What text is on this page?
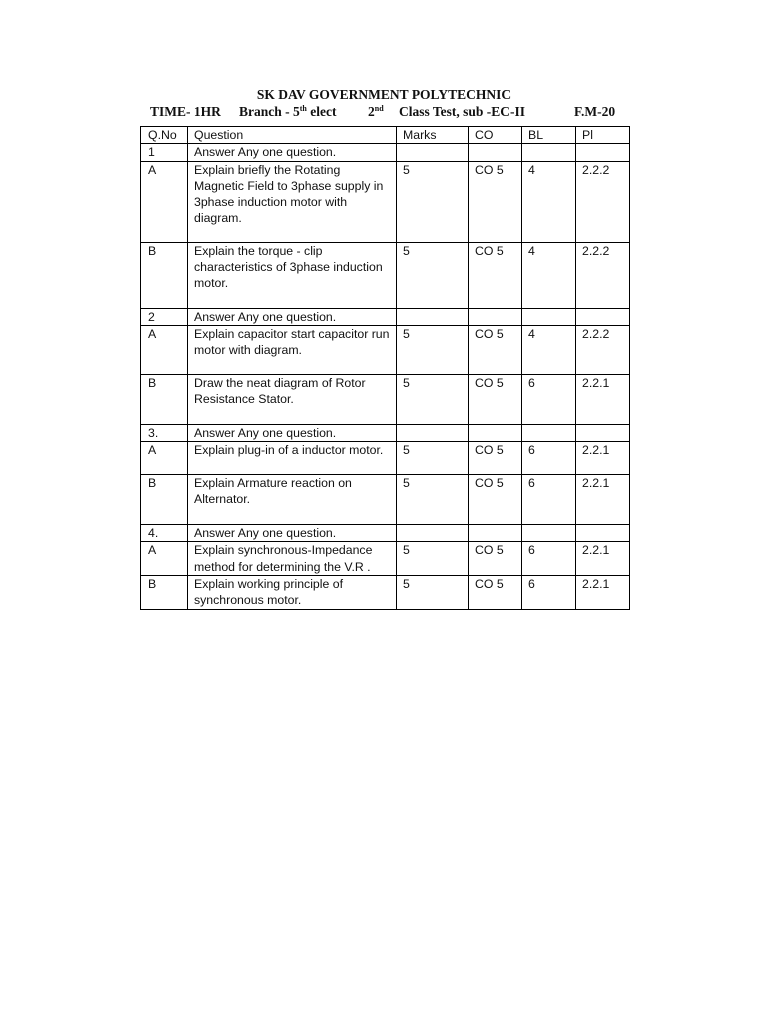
SK DAV GOVERNMENT POLYTECHNIC
TIME- 1HR Branch - 5th elect 2nd Class Test, sub -EC-II	F.M-20
Q.No	Question	Marks	CO	BL	Pl
1	Answer Any one question.				
A	Explain briefly the Rotating Magnetic Field to 3phase supply in 3phase induction motor with diagram.	5	CO 5	4	2.2.2
B	Explain the torque - clip characteristics of 3phase induction motor.	5	CO 5	4	2.2.2
2	Answer Any one question.				
A	Explain capacitor start capacitor run motor with diagram.	5	CO 5	4	2.2.2
B	Draw the neat diagram of Rotor Resistance Stator.	5	CO 5	6	2.2.1
3.	Answer Any one question.				
A	Explain plug-in of a inductor motor.	5	CO 5	6	2.2.1
B	Explain Armature reaction on Alternator.	5	CO 5	6	2.2.1
4.	Answer Any one question.				
A	Explain synchronous-Impedance method for determining the V.R .	5	CO 5	6	2.2.1
B	Explain working principle of synchronous motor.	5	CO 5	6	2.2.1
